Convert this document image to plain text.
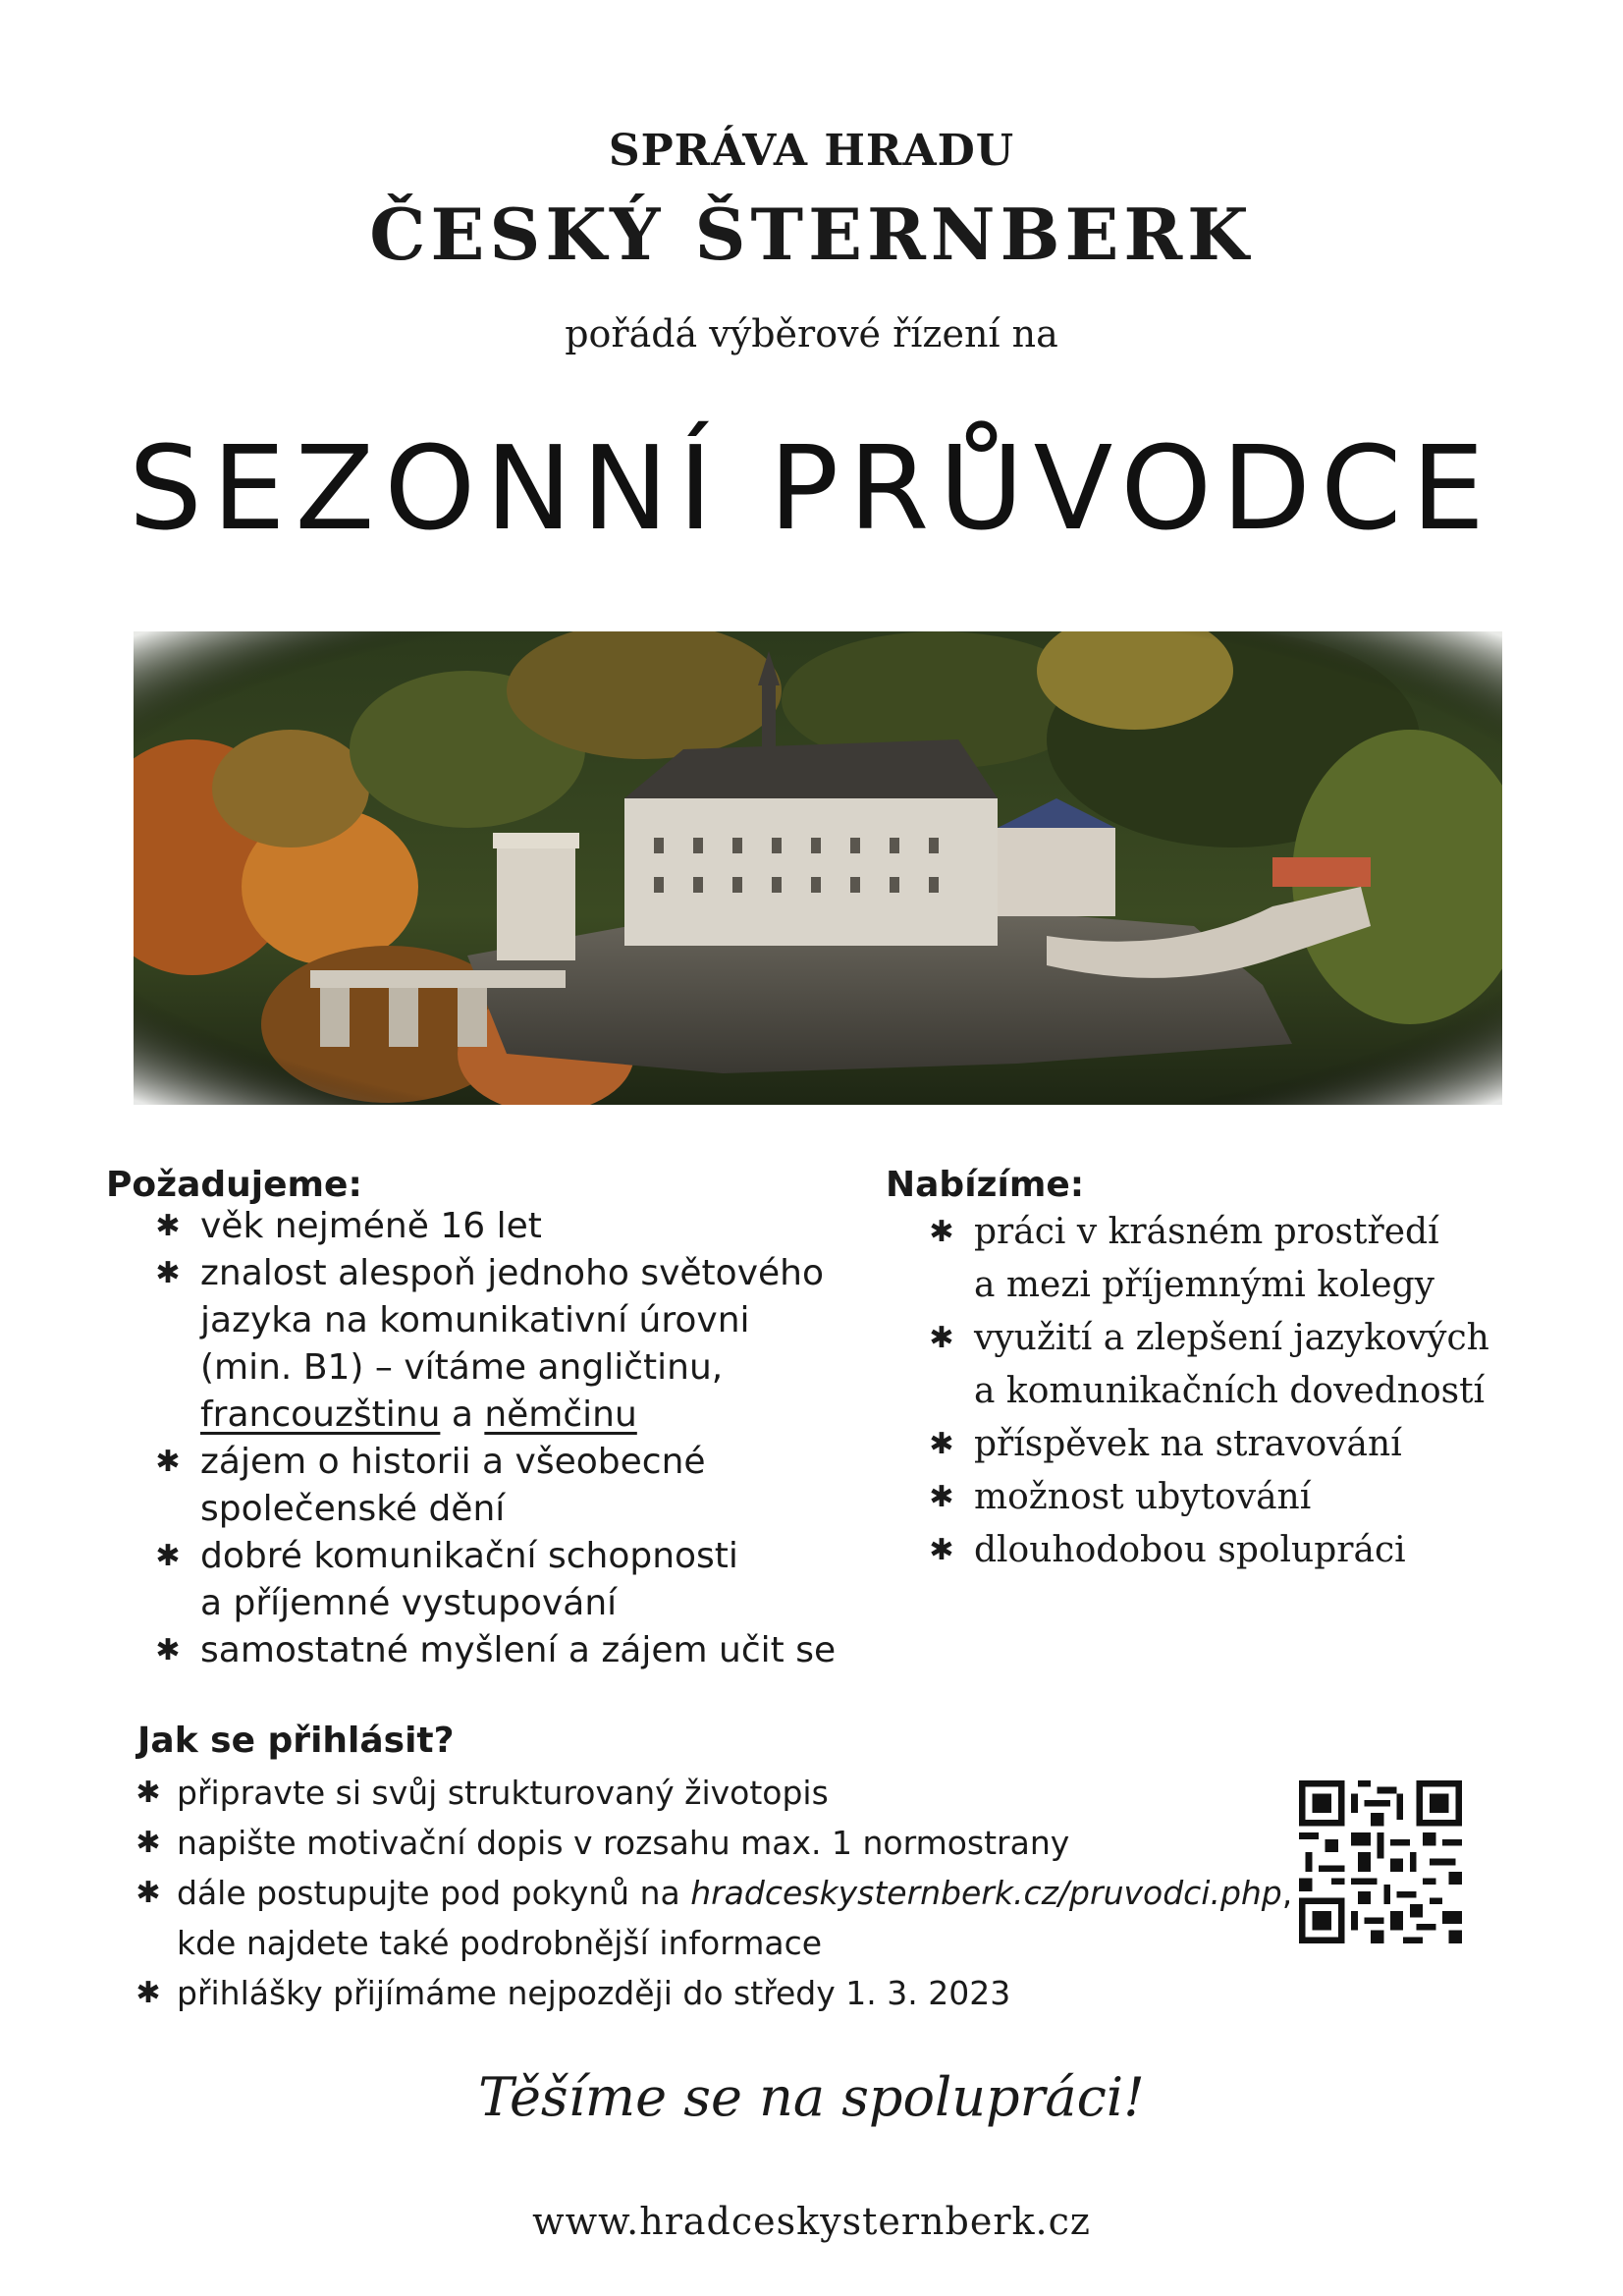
SPRÁVA HRADU
ČESKÝ ŠTERNBERK
pořádá výběrové řízení na
SEZONNÍ PRŮVODCE
Požadujeme:
✱ věk nejméně 16 let
✱ znalost alespoň jednoho světového
jazyka na komunikativní úrovni
(min. B1) – vítáme angličtinu,
francouzštinu a němčinu
✱ zájem o historii a všeobecné
společenské dění
✱ dobré komunikační schopnosti
a příjemné vystupování
✱ samostatné myšlení a zájem učit se
Nabízíme:
✱ práci v krásném prostředí
a mezi příjemnými kolegy
✱ využití a zlepšení jazykových
a komunikačních dovedností
✱ příspěvek na stravování
✱ možnost ubytování
✱ dlouhodobou spolupráci
Jak se přihlásit?
✱ připravte si svůj strukturovaný životopis
✱ napište motivační dopis v rozsahu max. 1 normostrany
✱ dále postupujte pod pokynů na hradceskysternberk.cz/pruvodci.php,
kde najdete také podrobnější informace
✱ přihlášky přijímáme nejpozději do středy 1. 3. 2023
Těšíme se na spolupráci!
www.hradceskysternberk.cz
